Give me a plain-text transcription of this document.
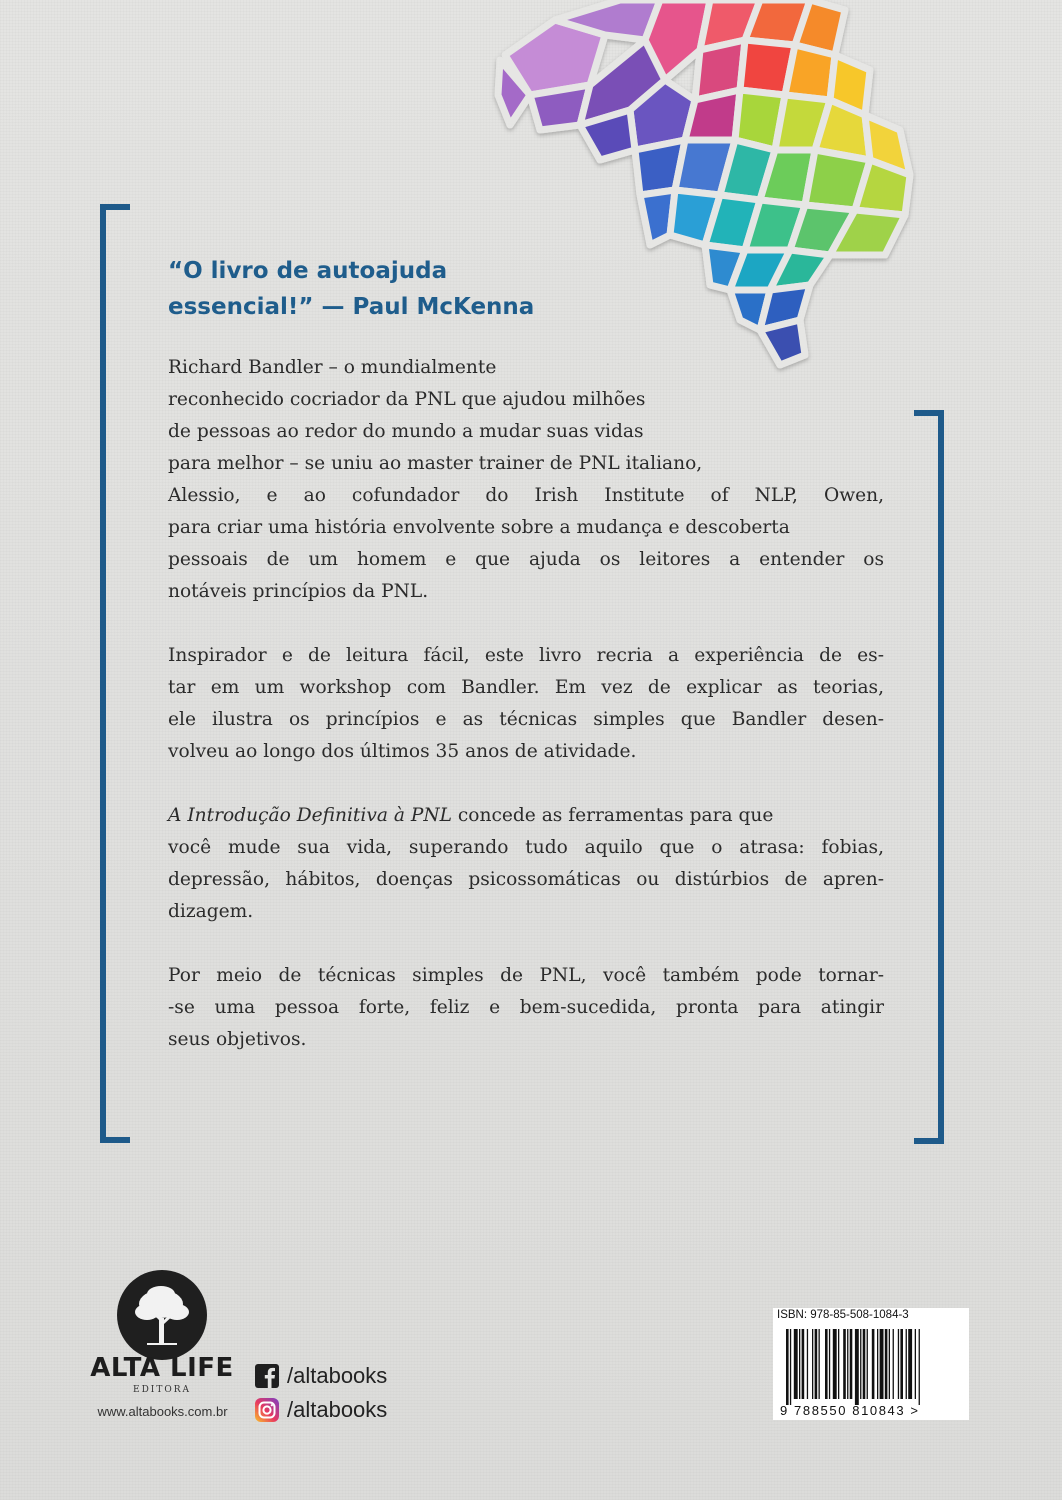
“O livro de autoajuda
essencial!” — Paul McKenna

Richard Bandler – o mundialmente
reconhecido cocriador da PNL que ajudou milhões
de pessoas ao redor do mundo a mudar suas vidas
para melhor – se uniu ao master trainer de PNL italiano,
Alessio, e ao cofundador do Irish Institute of NLP, Owen,
para criar uma história envolvente sobre a mudança e descoberta
pessoais de um homem e que ajuda os leitores a entender os
notáveis princípios da PNL.

Inspirador e de leitura fácil, este livro recria a experiência de es-
tar em um workshop com Bandler. Em vez de explicar as teorias,
ele ilustra os princípios e as técnicas simples que Bandler desen-
volveu ao longo dos últimos 35 anos de atividade.

A Introdução Definitiva à PNL concede as ferramentas para que
você mude sua vida, superando tudo aquilo que o atrasa: fobias,
depressão, hábitos, doenças psicossomáticas ou distúrbios de apren-
dizagem.

Por meio de técnicas simples de PNL, você também pode tornar-
-se uma pessoa forte, feliz e bem-sucedida, pronta para atingir
seus objetivos.

ALTA LIFE
EDITORA
www.altabooks.com.br
/altabooks
/altabooks
ISBN: 978-85-508-1084-3
9 788550 810843 >
